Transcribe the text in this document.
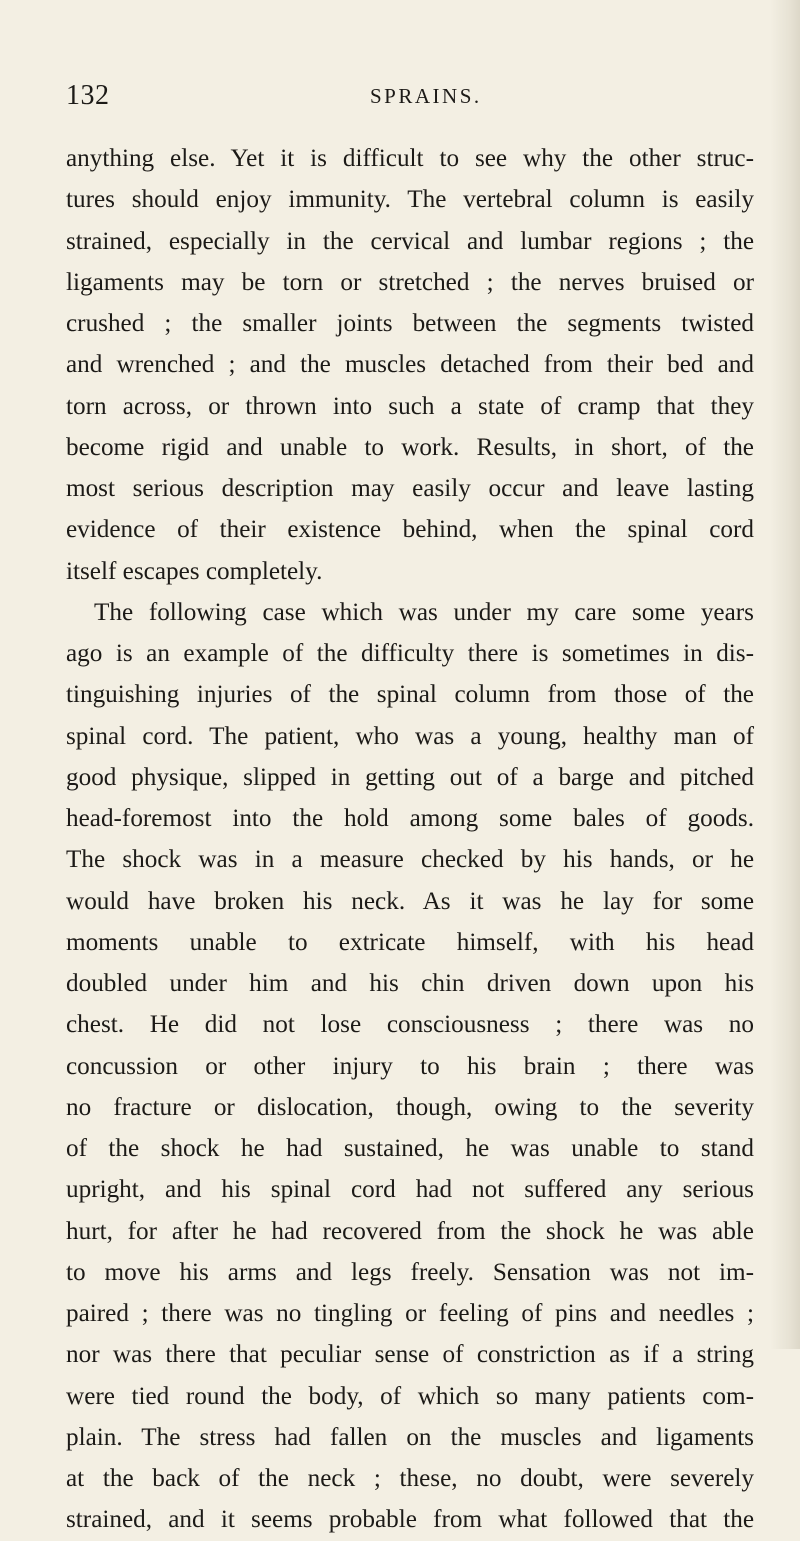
132	SPRAINS.
anything else. Yet it is difficult to see why the other struc-
tures should enjoy immunity. The vertebral column is easily
strained, especially in the cervical and lumbar regions ; the
ligaments may be torn or stretched ; the nerves bruised or
crushed ; the smaller joints between the segments twisted
and wrenched ; and the muscles detached from their bed and
torn across, or thrown into such a state of cramp that they
become rigid and unable to work. Results, in short, of the
most serious description may easily occur and leave lasting
evidence of their existence behind, when the spinal cord
itself escapes completely.
The following case which was under my care some years
ago is an example of the difficulty there is sometimes in dis-
tinguishing injuries of the spinal column from those of the
spinal cord. The patient, who was a young, healthy man of
good physique, slipped in getting out of a barge and pitched
head-foremost into the hold among some bales of goods.
The shock was in a measure checked by his hands, or he
would have broken his neck. As it was he lay for some
moments unable to extricate himself, with his head
doubled under him and his chin driven down upon his
chest. He did not lose consciousness ; there was no
concussion or other injury to his brain ; there was
no fracture or dislocation, though, owing to the severity
of the shock he had sustained, he was unable to stand
upright, and his spinal cord had not suffered any serious
hurt, for after he had recovered from the shock he was able
to move his arms and legs freely. Sensation was not im-
paired ; there was no tingling or feeling of pins and needles ;
nor was there that peculiar sense of constriction as if a string
were tied round the body, of which so many patients com-
plain. The stress had fallen on the muscles and ligaments
at the back of the neck ; these, no doubt, were severely
strained, and it seems probable from what followed that the
